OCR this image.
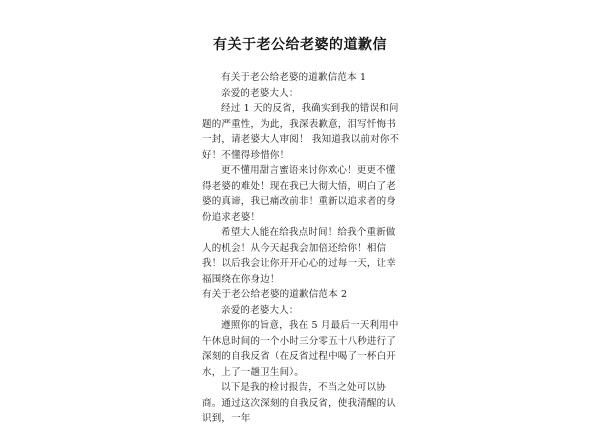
有关于老公给老婆的道歉信

有关于老公给老婆的道歉信范本 1

亲爱的老婆大人：

经过 1 天的反省，我确实到我的错误和问题的严重性，为此，我深表歉意，泪写忏悔书一封，请老婆大人审阅！ 我知道我以前对你不好！不懂得珍惜你！

更不懂用甜言蜜语来讨你欢心！更更不懂得老婆的难处！现在我已大彻大悟，明白了老婆的真谛，我已痛改前非！重新以追求者的身份追求老婆！

希望大人能在给我点时间！给我个重新做人的机会！从今天起我会加倍还给你！相信我！以后我会让你开开心心的过每一天，让幸福围绕在你身边！

有关于老公给老婆的道歉信范本 2

亲爱的老婆大人：

遵照你的旨意，我在 5 月最后一天利用中午休息时间的一个小时三分零五十八秒进行了深刻的自我反省（在反省过程中喝了一杯白开水，上了一趟卫生间）。

以下是我的检讨报告，不当之处可以协商。通过这次深刻的自我反省，使我清醒的认识到，一年
